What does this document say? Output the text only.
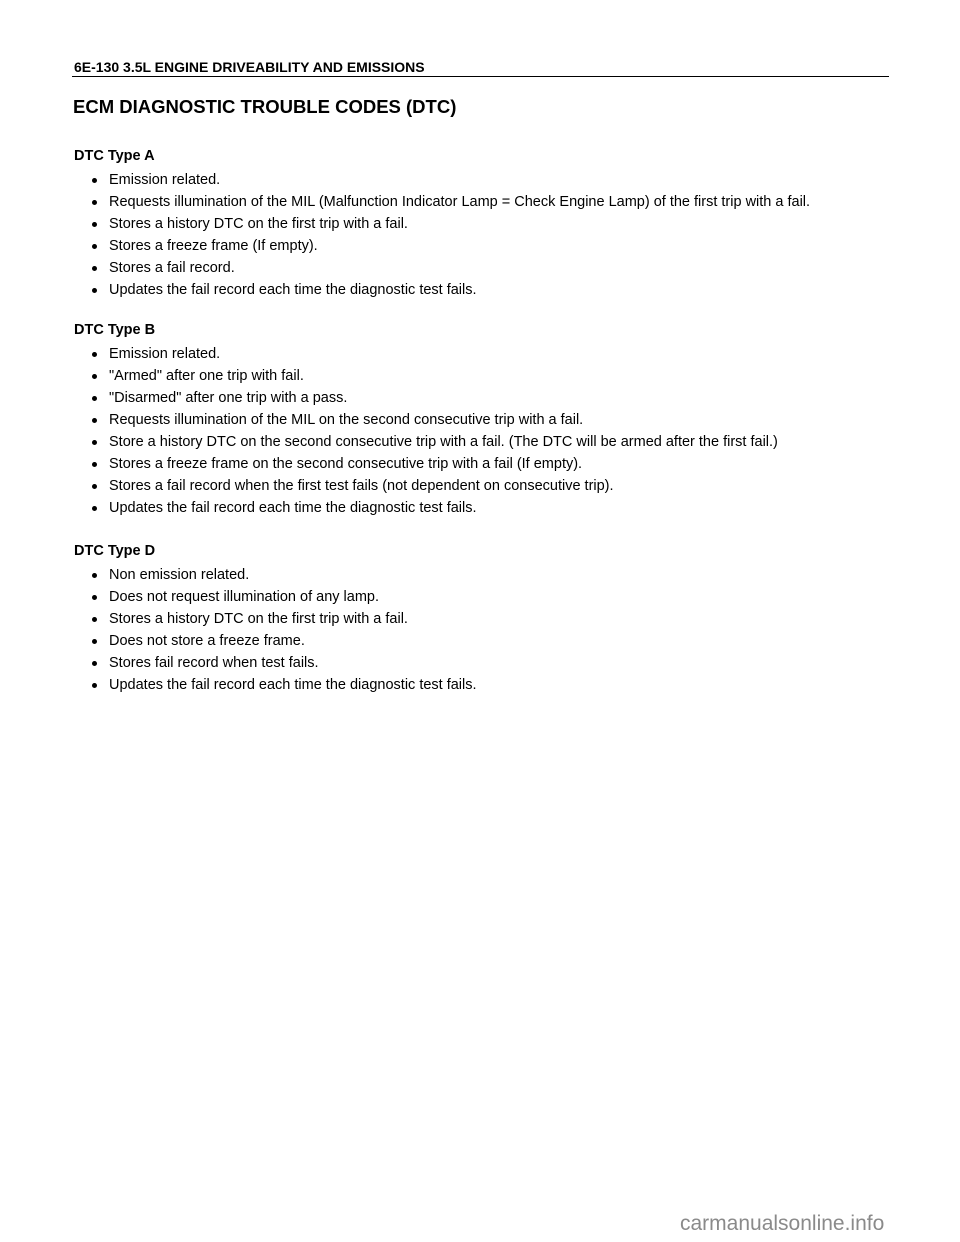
6E-130 3.5L ENGINE DRIVEABILITY AND EMISSIONS
ECM DIAGNOSTIC TROUBLE CODES (DTC)
DTC Type A
Emission related.
Requests illumination of the MIL (Malfunction Indicator Lamp = Check Engine Lamp) of the first trip with a fail.
Stores a history DTC on the first trip with a fail.
Stores a freeze frame (If empty).
Stores a fail record.
Updates the fail record each time the diagnostic test fails.
DTC Type B
Emission related.
"Armed" after one trip with fail.
"Disarmed" after one trip with a pass.
Requests illumination of the MIL on the second consecutive trip with a fail.
Store a history DTC on the second consecutive trip with a fail. (The DTC will be armed after the first fail.)
Stores a freeze frame on the second consecutive trip with a fail (If empty).
Stores a fail record when the first test fails (not dependent on consecutive trip).
Updates the fail record each time the diagnostic test fails.
DTC Type D
Non emission related.
Does not request illumination of any lamp.
Stores a history DTC on the first trip with a fail.
Does not store a freeze frame.
Stores fail record when test fails.
Updates the fail record each time the diagnostic test fails.
carmanualsonline.info
